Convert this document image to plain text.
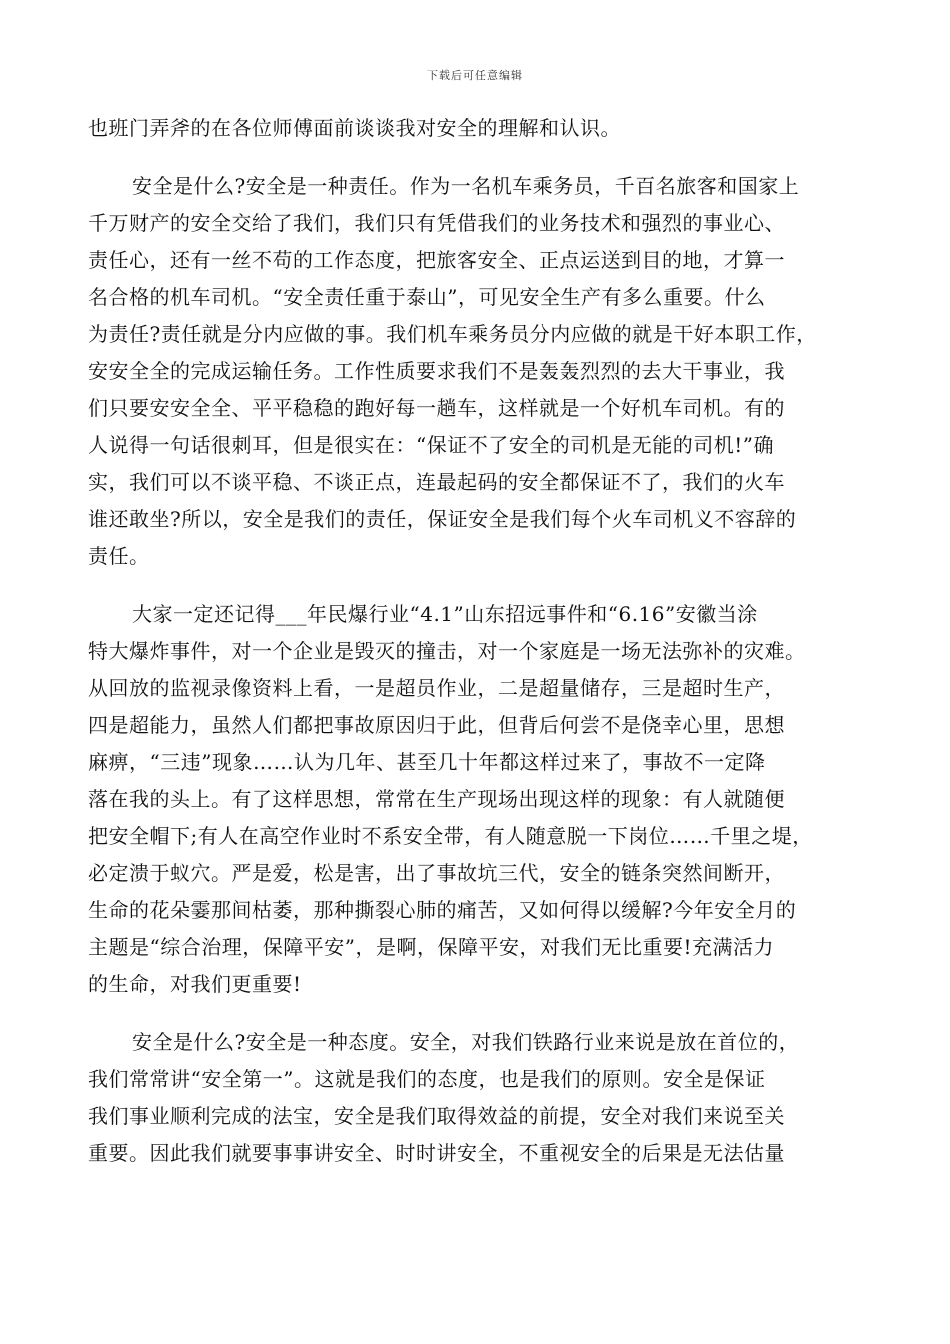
下载后可任意编辑
也班门弄斧的在各位师傅面前谈谈我对安全的理解和认识。
安全是什么?安全是一种责任。作为一名机车乘务员，千百名旅客和国家上
千万财产的安全交给了我们，我们只有凭借我们的业务技术和强烈的事业心、
责任心，还有一丝不苟的工作态度，把旅客安全、正点运送到目的地，才算一
名合格的机车司机。“安全责任重于泰山”，可见安全生产有多么重要。什么
为责任?责任就是分内应做的事。我们机车乘务员分内应做的就是干好本职工作，
安安全全的完成运输任务。工作性质要求我们不是轰轰烈烈的去大干事业，我
们只要安安全全、平平稳稳的跑好每一趟车，这样就是一个好机车司机。有的
人说得一句话很刺耳，但是很实在：“保证不了安全的司机是无能的司机!”确
实，我们可以不谈平稳、不谈正点，连最起码的安全都保证不了，我们的火车
谁还敢坐?所以，安全是我们的责任，保证安全是我们每个火车司机义不容辞的
责任。
大家一定还记得___年民爆行业“4.1”山东招远事件和“6.16”安徽当涂
特大爆炸事件，对一个企业是毁灭的撞击，对一个家庭是一场无法弥补的灾难。
从回放的监视录像资料上看，一是超员作业，二是超量储存，三是超时生产，
四是超能力，虽然人们都把事故原因归于此，但背后何尝不是侥幸心里，思想
麻痹，“三违”现象……认为几年、甚至几十年都这样过来了，事故不一定降
落在我的头上。有了这样思想，常常在生产现场出现这样的现象：有人就随便
把安全帽下;有人在高空作业时不系安全带，有人随意脱一下岗位……千里之堤，
必定溃于蚁穴。严是爱，松是害，出了事故坑三代，安全的链条突然间断开，
生命的花朵霎那间枯萎，那种撕裂心肺的痛苦，又如何得以缓解?今年安全月的
主题是“综合治理，保障平安”，是啊，保障平安，对我们无比重要!充满活力
的生命，对我们更重要!
安全是什么?安全是一种态度。安全，对我们铁路行业来说是放在首位的，
我们常常讲“安全第一”。这就是我们的态度，也是我们的原则。安全是保证
我们事业顺利完成的法宝，安全是我们取得效益的前提，安全对我们来说至关
重要。因此我们就要事事讲安全、时时讲安全，不重视安全的后果是无法估量
